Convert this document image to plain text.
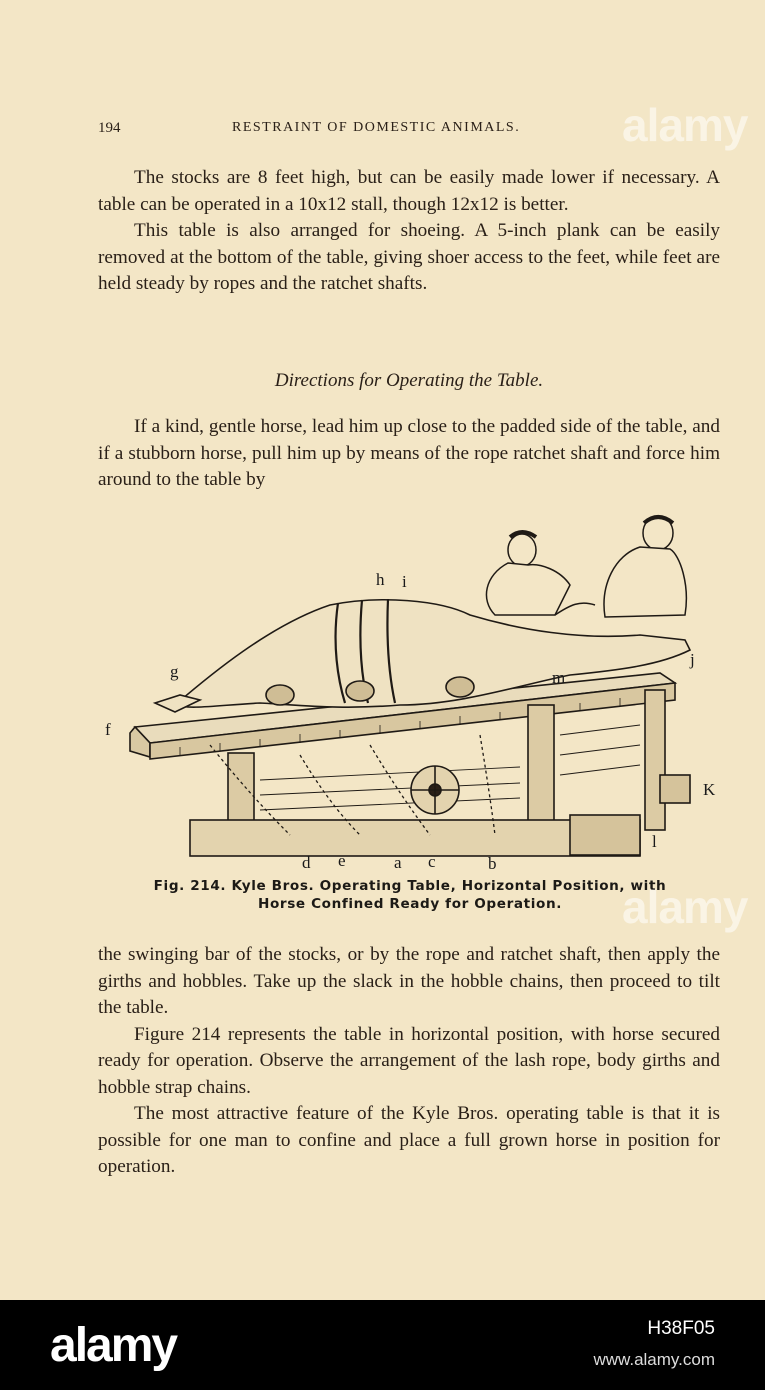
194	RESTRAINT OF DOMESTIC ANIMALS.

The stocks are 8 feet high, but can be easily made lower if necessary. A table can be operated in a 10x12 stall, though 12x12 is better.

This table is also arranged for shoeing. A 5-inch plank can be easily removed at the bottom of the table, giving shoer access to the feet, while feet are held steady by ropes and the ratchet shafts.

Directions for Operating the Table.

If a kind, gentle horse, lead him up close to the padded side of the table, and if a stubborn horse, pull him up by means of the rope ratchet shaft and force him around to the table by

h i
g
f
j
m
K
l
d e	a c	b
Fig. 214. Kyle Bros. Operating Table, Horizontal Position, with
Horse Confined Ready for Operation.

the swinging bar of the stocks, or by the rope and ratchet shaft, then apply the girths and hobbles. Take up the slack in the hobble chains, then proceed to tilt the table.

Figure 214 represents the table in horizontal position, with horse secured ready for operation. Observe the arrangement of the lash rope, body girths and hobble strap chains.

The most attractive feature of the Kyle Bros. operating table is that it is possible for one man to confine and place a full grown horse in position for operation.

alamy
alamy
alamy	H38F05
www.alamy.com
